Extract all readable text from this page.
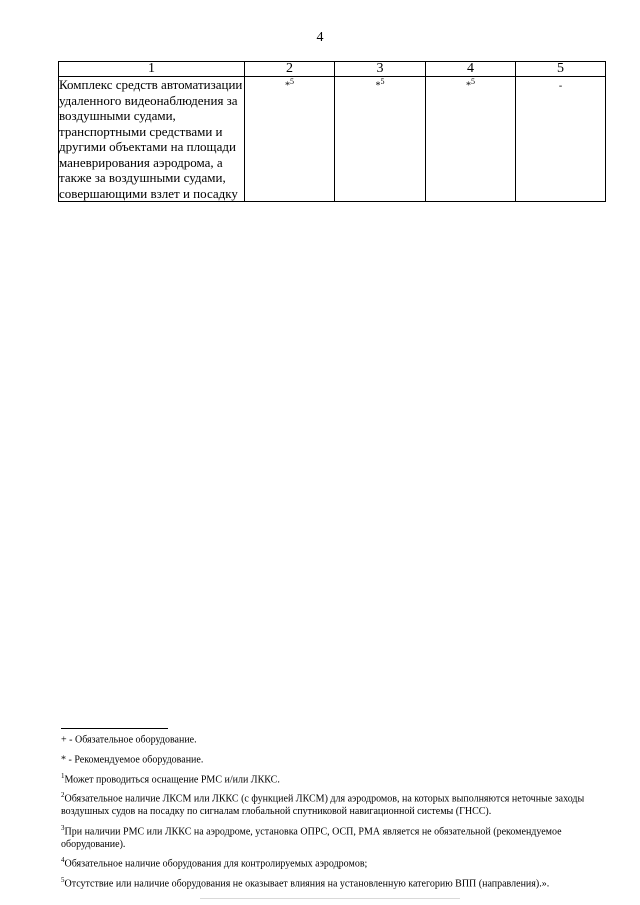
4
1	2	3	4	5
Комплекс средств автоматизации удаленного видеонаблюдения за воздушными судами, транспортными средствами и другими объектами на площади маневрирования аэродрома, а также за воздушными судами, совершающими взлет и посадку	*$^5$	*$^5$	*$^5$	-

+ - Обязательное оборудование.

* - Рекомендуемое оборудование.

$^1$Может проводиться оснащение РМС и/или ЛККС.

$^2$Обязательное наличие ЛКСМ или ЛККС (с функцией ЛКСМ) для аэродромов, на которых выполняются неточные заходы воздушных судов на посадку по сигналам глобальной спутниковой навигационной системы (ГНСС).

$^3$При наличии РМС или ЛККС на аэродроме, установка ОПРС, ОСП, РМА является не обязательной (рекомендуемое оборудование).

$^4$Обязательное наличие оборудования для контролируемых аэродромов;

$^5$Отсутствие или наличие оборудования не оказывает влияния на установленную категорию ВПП (направления).».
